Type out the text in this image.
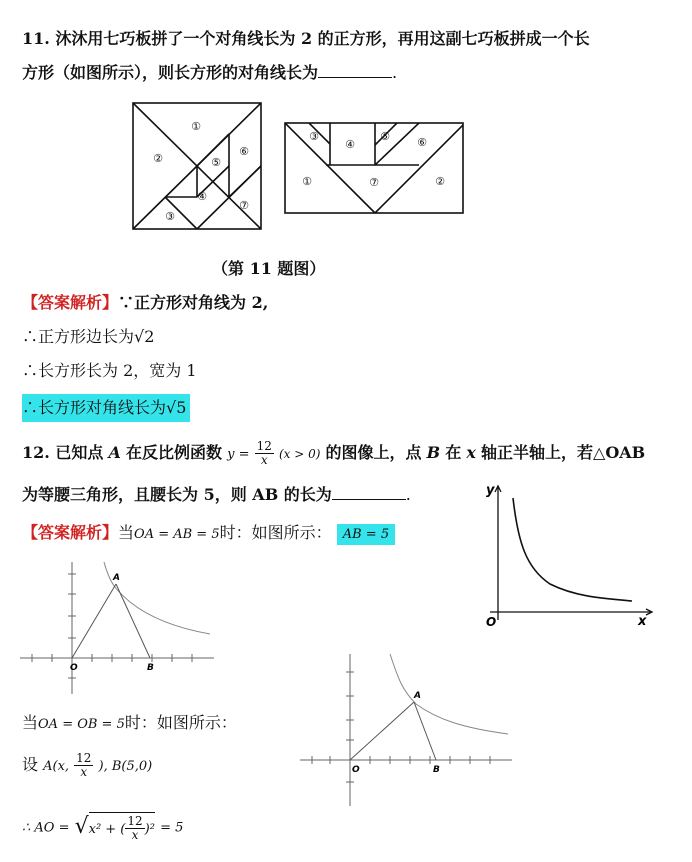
11. 沐沐用七巧板拼了一个对角线长为 2 的正方形，再用这副七巧板拼成一个长
方形（如图所示），则长方形的对角线长为	.
①
②
③
④
⑤
⑥
⑦
①	②
③
④
⑤ ⑥
⑦
（第 11 题图）
【答案解析】∵正方形对角线为 2,
∴正方形边长为√2
∴长方形长为 2，宽为 1
∴长方形对角线长为√5
12. 已知点 A 在反比例函数 $y = \frac{12}{x} (x > 0)$ 的图像上，点 B 在 x 轴正半轴上，若△OAB
为等腰三角形，且腰长为 5，则 AB 的长为	.
【答案解析】当OA = AB = 5时：如图所示： AB = 5
y
x
O
A
B
O
A
B
O
当OA = OB = 5时：如图所示：
设 A(x, $\frac{12}{x}$ ), B(5,0)
∴ AO = √x² + ( $\frac{12}{x} )^2 = 5$
